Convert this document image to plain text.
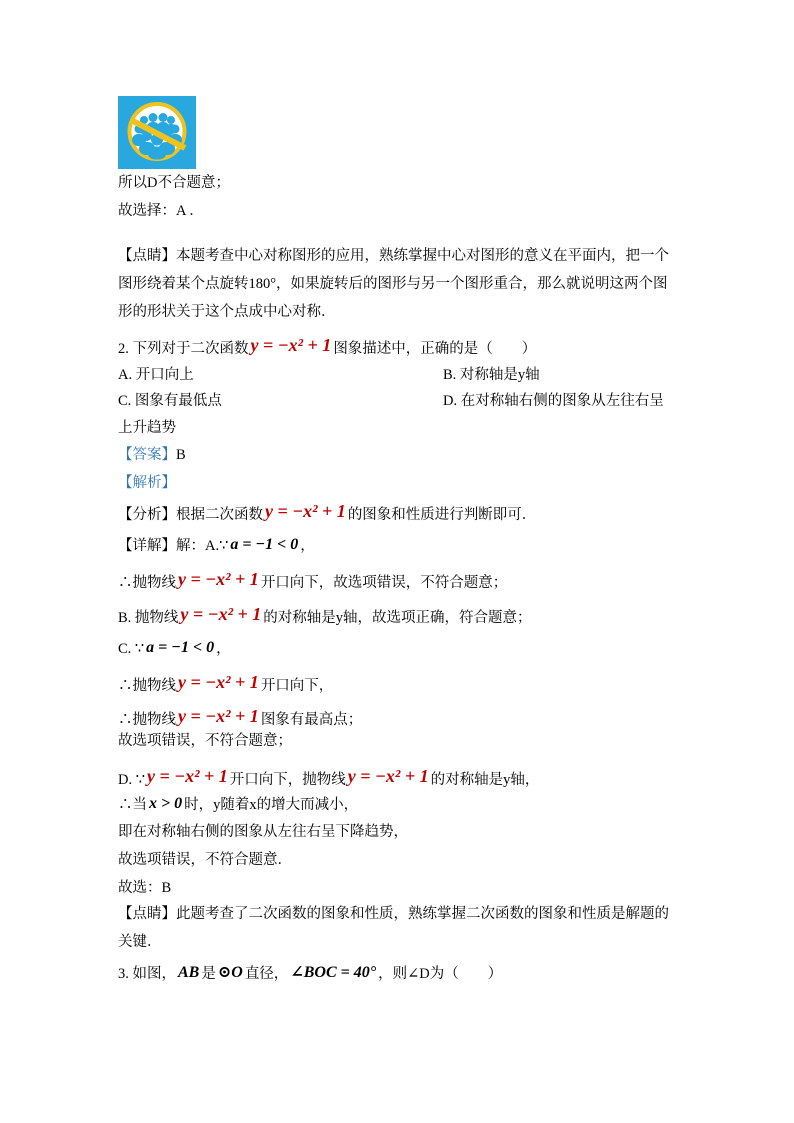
所以D不合题意；
故选择：A ．
【点睛】本题考查中心对称图形的应用，熟练掌握中心对图形的意义在平面内，把一个图形绕着某个点旋转180°，如果旋转后的图形与另一个图形重合，那么就说明这两个图形的形状关于这个点成中心对称．
2. 下列对于二次函数 y = −x² + 1 图象描述中，正确的是（　　）
A. 开口向上	B. 对称轴是y轴
C. 图象有最低点	D. 在对称轴右侧的图象从左往右呈
上升趋势
【答案】B
【解析】
【分析】根据二次函数 y = −x² + 1 的图象和性质进行判断即可．
【详解】解：A.∵ a = −1 < 0 ，
∴抛物线 y = −x² + 1 开口向下，故选项错误，不符合题意；
B. 抛物线 y = −x² + 1 的对称轴是y轴，故选项正确，符合题意；
C. ∵ a = −1 < 0 ，
∴抛物线 y = −x² + 1 开口向下，
∴抛物线 y = −x² + 1 图象有最高点；
故选项错误，不符合题意；
D. ∵ y = −x² + 1 开口向下，抛物线 y = −x² + 1 的对称轴是y轴，
∴当 x > 0 时，y随着x的增大而减小，
即在对称轴右侧的图象从左往右呈下降趋势，
故选项错误，不符合题意．
故选：B
【点睛】此题考查了二次函数的图象和性质，熟练掌握二次函数的图象和性质是解题的关键．
3. 如图， AB 是 ⊙O 直径， ∠BOC = 40° ，则∠D为（　　）
